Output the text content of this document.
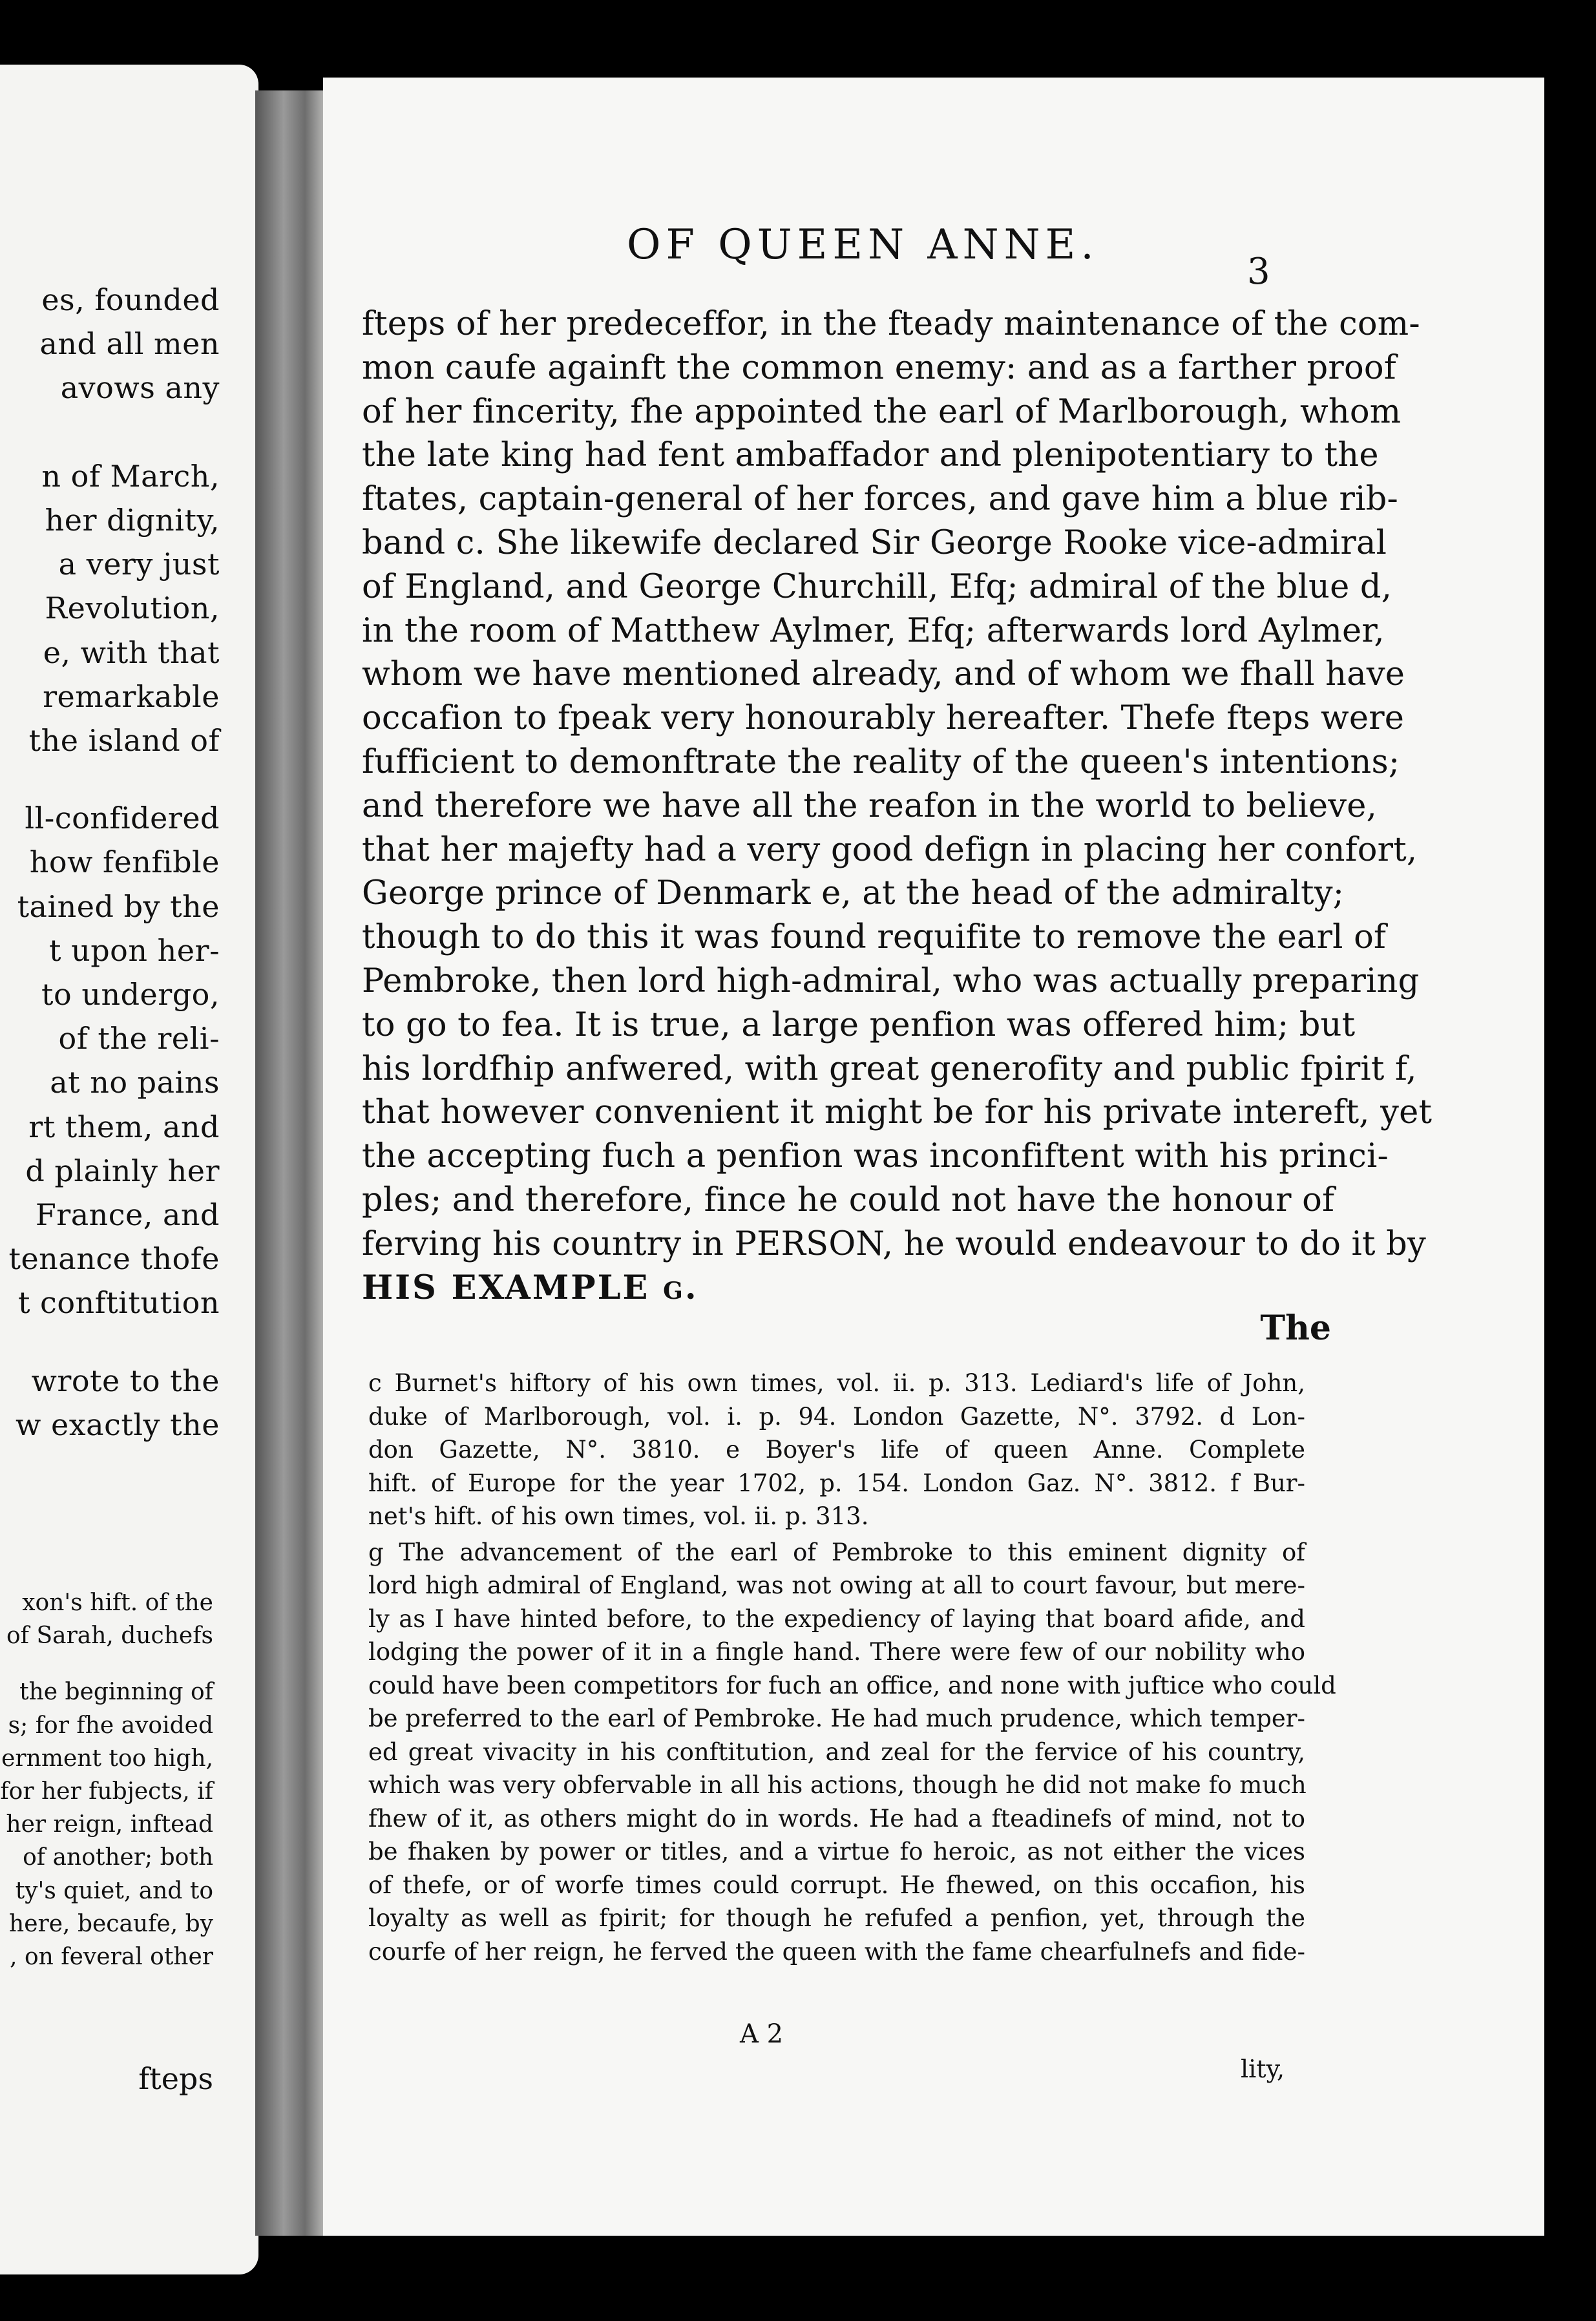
es, founded
and all men
avows any

n of March,
her dignity,
a very just
Revolution,
e, with that
remarkable
the island of
ll-confidered
how fenfible
tained by the
t upon her-
to undergo,
of the reli-
at no pains
rt them, and
d plainly her
France, and
tenance thofe
t conftitution
wrote to the
w exactly the
xon's hift. of the
of Sarah, duchefs
the beginning of
s; for fhe avoided
ernment too high,
for her fubjects, if
her reign, inftead
of another; both
ty's quiet, and to
here, becaufe, by
, on feveral other
fteps
OF QUEEN ANNE.
3
fteps of her predeceffor, in the fteady maintenance of the com-
mon caufe againft the common enemy: and as a farther proof
of her fincerity, fhe appointed the earl of Marlborough, whom
the late king had fent ambaffador and plenipotentiary to the
ftates, captain-general of her forces, and gave him a blue rib-
band c. She likewife declared Sir George Rooke vice-admiral
of England, and George Churchill, Efq; admiral of the blue d,
in the room of Matthew Aylmer, Efq; afterwards lord Aylmer,
whom we have mentioned already, and of whom we fhall have
occafion to fpeak very honourably hereafter. Thefe fteps were
fufficient to demonftrate the reality of the queen's intentions;
and therefore we have all the reafon in the world to believe,
that her majefty had a very good defign in placing her confort,
George prince of Denmark e, at the head of the admiralty;
though to do this it was found requifite to remove the earl of
Pembroke, then lord high-admiral, who was actually preparing
to go to fea. It is true, a large penfion was offered him; but
his lordfhip anfwered, with great generofity and public fpirit f,
that however convenient it might be for his private intereft, yet
the accepting fuch a penfion was inconfiftent with his princi-
ples; and therefore, fince he could not have the honour of
ferving his country in PERSON, he would endeavour to do it by
HIS EXAMPLE g.
The
c Burnet's hiftory of his own times, vol. ii. p. 313. Lediard's life of John,
duke of Marlborough, vol. i. p. 94. London Gazette, N°. 3792. d Lon-
don Gazette, N°. 3810. e Boyer's life of queen Anne. Complete
hift. of Europe for the year 1702, p. 154. London Gaz. N°. 3812. f Bur-
net's hift. of his own times, vol. ii. p. 313.
g The advancement of the earl of Pembroke to this eminent dignity of
lord high admiral of England, was not owing at all to court favour, but mere-
ly as I have hinted before, to the expediency of laying that board afide, and
lodging the power of it in a fingle hand. There were few of our nobility who
could have been competitors for fuch an office, and none with juftice who could
be preferred to the earl of Pembroke. He had much prudence, which temper-
ed great vivacity in his conftitution, and zeal for the fervice of his country,
which was very obfervable in all his actions, though he did not make fo much
fhew of it, as others might do in words. He had a fteadinefs of mind, not to
be fhaken by power or titles, and a virtue fo heroic, as not either the vices
of thefe, or of worfe times could corrupt. He fhewed, on this occafion, his
loyalty as well as fpirit; for though he refufed a penfion, yet, through the
courfe of her reign, he ferved the queen with the fame chearfulnefs and fide-
A 2
lity,
